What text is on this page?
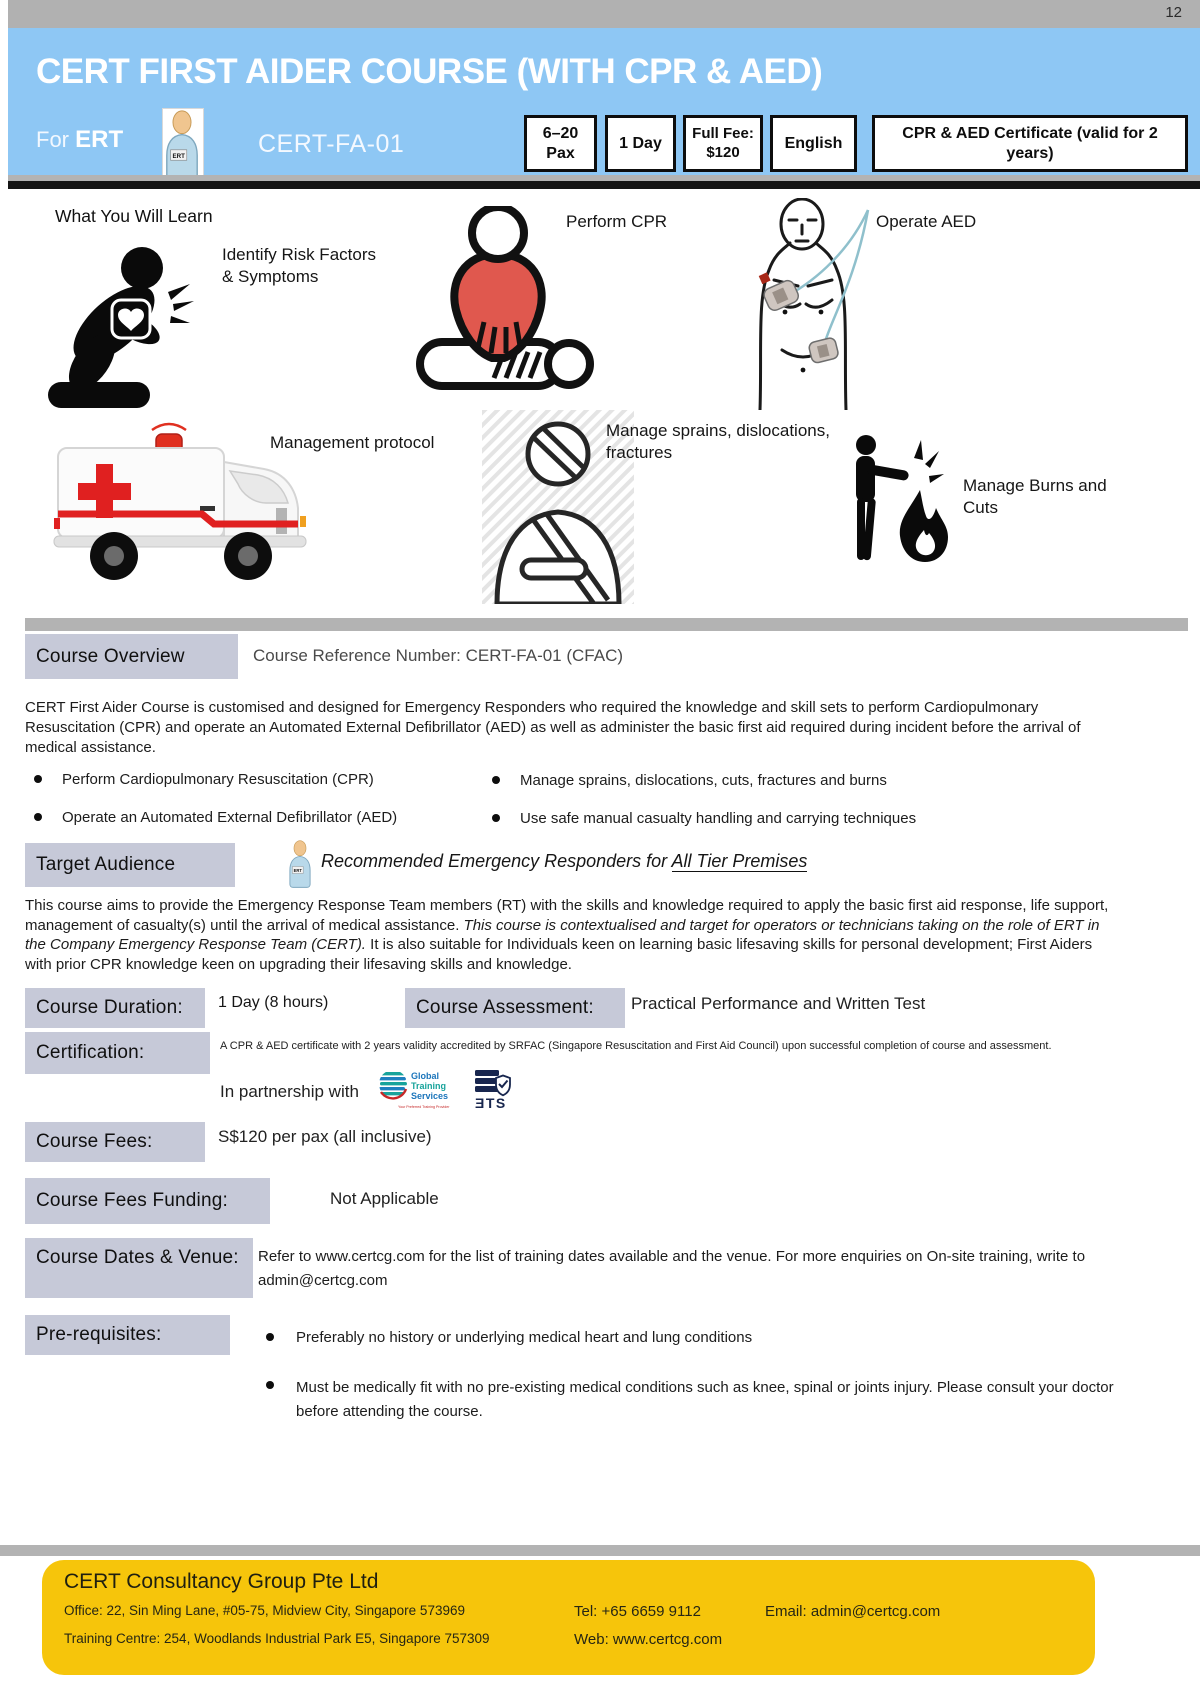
12
CERT FIRST AIDER COURSE (WITH CPR & AED)
For ERT
ERT	CERT-FA-01	6–20 Pax
1 Day
Full Fee: $120
English
CPR & AED Certificate (valid for 2 years)
What You Will Learn
Identify Risk Factors & Symptoms
Perform CPR	Operate AED
Management protocol
Manage sprains, dislocations, fractures
Manage Burns and Cuts
Course Overview	Course Reference Number: CERT-FA-01 (CFAC)
CERT First Aider Course is customised and designed for Emergency Responders who required the knowledge and skill sets to perform Cardiopulmonary Resuscitation (CPR) and operate an Automated External Defibrillator (AED) as well as administer the basic first aid required during incident before the arrival of medical assistance.
Perform Cardiopulmonary Resuscitation (CPR)
Operate an Automated External Defibrillator (AED)
Manage sprains, dislocations, cuts, fractures and burns
Use safe manual casualty handling and carrying techniques
Target Audience	ERT Recommended Emergency Responders for All Tier Premises
This course aims to provide the Emergency Response Team members (RT) with the skills and knowledge required to apply the basic first aid response, life support, management of casualty(s) until the arrival of medical assistance. This course is contextualised and target for operators or technicians taking on the role of ERT in the Company Emergency Response Team (CERT). It is also suitable for Individuals keen on learning basic lifesaving skills for personal development; First Aiders with prior CPR knowledge keen on upgrading their lifesaving skills and knowledge.
Course Duration:	1 Day (8 hours)	Course Assessment:	Practical Performance and Written Test
Certification:	A CPR & AED certificate with 2 years validity accredited by SRFAC (Singapore Resuscitation and First Aid Council) upon successful completion of course and assessment.
In partnership with
Global
Training
Services
Your Preferred Training Provider ƎTS
Course Fees:	S$120 per pax (all inclusive)
Course Fees Funding:	Not Applicable
Course Dates & Venue:	Refer to www.certcg.com for the list of training dates available and the venue. For more enquiries on On-site training, write to admin@certcg.com
Pre-requisites:	Preferably no history or underlying medical heart and lung conditions
Must be medically fit with no pre-existing medical conditions such as knee, spinal or joints injury. Please consult your doctor before attending the course.
CERT Consultancy Group Pte Ltd
Office: 22, Sin Ming Lane, #05-75, Midview City, Singapore 573969
Training Centre: 254, Woodlands Industrial Park E5, Singapore 757309
Tel: +65 6659 9112	Email: admin@certcg.com
Web: www.certcg.com
